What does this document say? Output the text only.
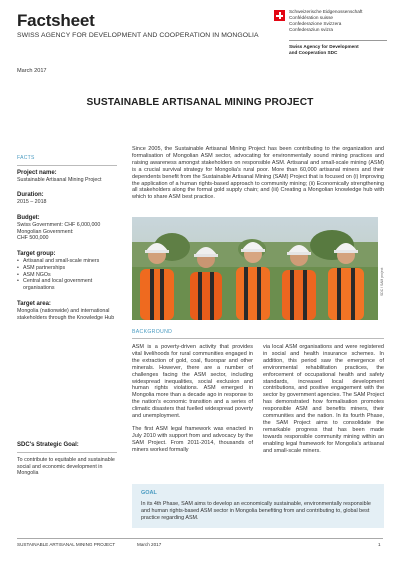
Factsheet
SWISS AGENCY FOR DEVELOPMENT AND COOPERATION IN MONGOLIA
March 2017
Schweizerische Eidgenossenschaft
Confédération suisse
Confederazione Svizzera
Confederaziun svizra
Swiss Agency for Development
and Cooperation SDC
SUSTAINABLE ARTISANAL MINING PROJECT
FACTS
Project name:
Sustainable Artisanal Mining Project
Duration:
2015 – 2018
Budget:
Swiss Government: CHF 6,000,000
Mongolian Government:
CHF 500,000
Target group:
• Artisanal and small-scale miners
• ASM partnerships
• ASM NGOs
• Central and local government organisations
Target area:
Mongolia (nationwide) and international stakeholders through the Knowledge Hub
SDC's Strategic Goal:
To contribute to equitable and sustainable social and economic development in Mongolia
Since 2005, the Sustainable Artisanal Mining Project has been contributing to the organization and formalisation of Mongolian ASM sector, advocating for environmentally sound mining practices and raising awareness amongst stakeholders on responsible ASM. Artisanal and small-scale mining (ASM) is a crucial survival strategy for Mongolia's rural poor. More than 60,000 artisanal miners and their dependents benefit from the Sustainable Artisanal Mining (SAM) Project that is focused on (i) Improving the application of a human rights-based approach to community mining; (ii) Economically strengthening all stakeholders along the formal gold supply chain; and (iii) Creating a Mongolian knowledge hub with which to share ASM best practice.
SDC / SAM project
BACKGROUND

ASM is a poverty-driven activity that provides vital livelihoods for rural communities engaged in the extraction of gold, coal, fluorspar and other minerals. However, there are a number of challenges facing the ASM sector, including widespread inequalities, social exclusion and human rights violations. ASM emerged in Mongolia more than a decade ago in response to the nation's economic transition and a series of climatic disasters that fuelled widespread poverty and unemployment.

The first ASM legal framework was enacted in July 2010 with support from and advocacy by the SAM Project. From 2011-2014, thousands of miners worked formally

via local ASM organisations and were registered in social and health insurance schemes. In addition, this period saw the emergence of environmental rehabilitation practices, the enforcement of occupational health and safety standards, increased local development contributions, and positive engagement with the sector by government agencies. The SAM Project has demonstrated how formalisation promotes responsible ASM and benefits miners, their communities and the nation. In its fourth Phase, the SAM Project aims to consolidate the remarkable progress that has been made towards responsible community mining within an enabling legal framework for Mongolia's artisanal and small-scale miners.

GOAL
In its 4th Phase, SAM aims to develop an economically sustainable, environmentally responsible and human rights-based ASM sector in Mongolia benefiting from and contributing to, global best practice regarding ASM.
SUSTAINABLE ARTISANAL MINING PROJECT	March 2017	1
